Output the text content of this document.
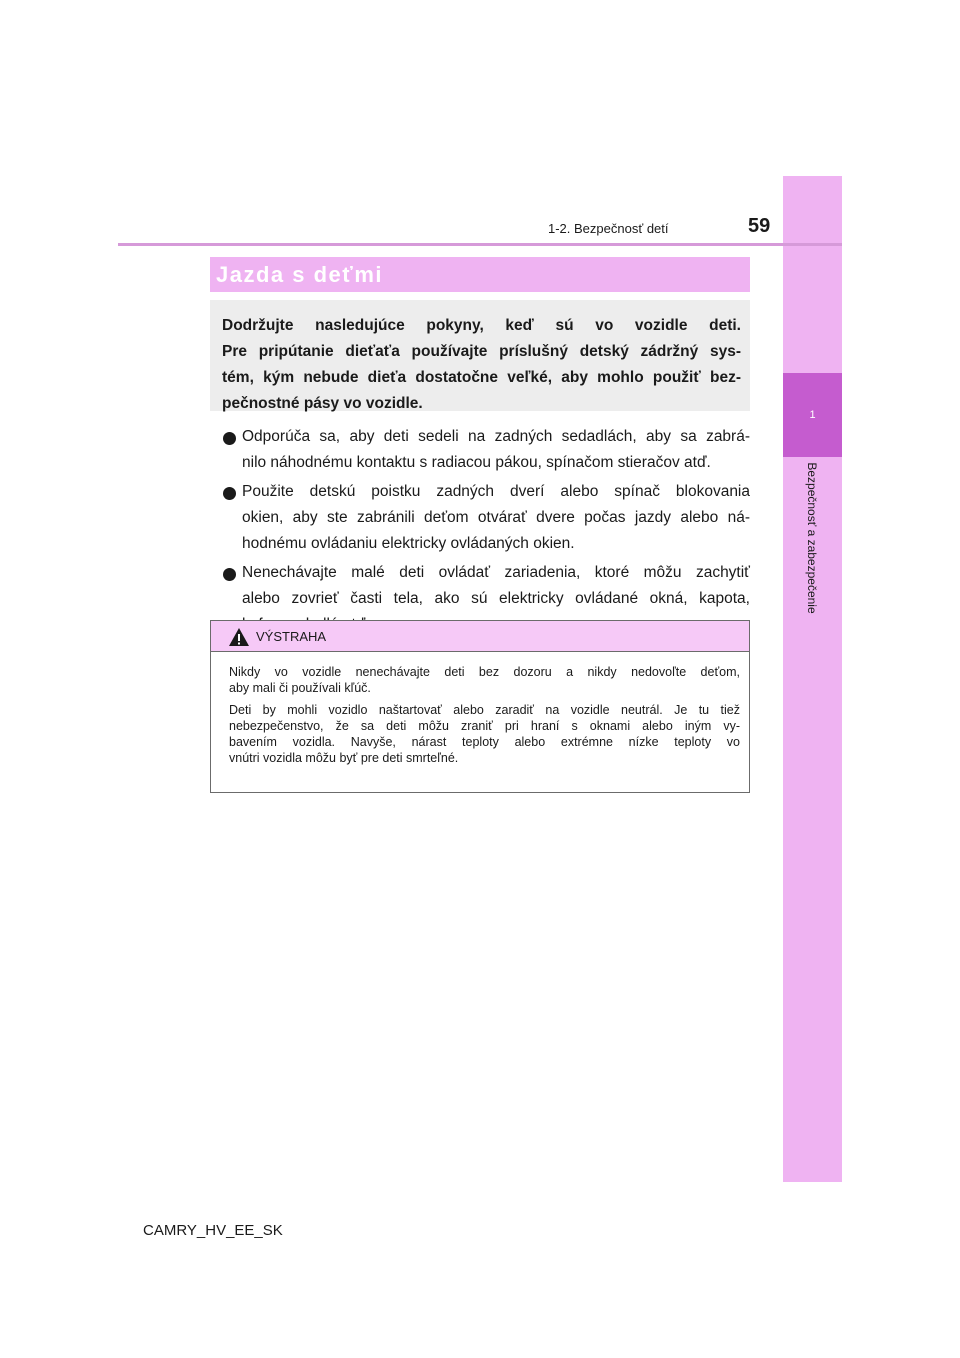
1
Bezpečnosť a zabezpečenie
1-2. Bezpečnosť detí	59
Jazda s deťmi
Dodržujte nasledujúce pokyny, keď sú vo vozidle deti.
Pre pripútanie dieťaťa používajte príslušný detský zádržný sys-
tém, kým nebude dieťa dostatočne veľké, aby mohlo použiť bez-
pečnostné pásy vo vozidle.
Odporúča sa, aby deti sedeli na zadných sedadlách, aby sa zabrá-
nilo náhodnému kontaktu s radiacou pákou, spínačom stieračov atď.
Použite detskú poistku zadných dverí alebo spínač blokovania
okien, aby ste zabránili deťom otvárať dvere počas jazdy alebo ná-
hodnému ovládaniu elektricky ovládaných okien.
Nenechávajte malé deti ovládať zariadenia, ktoré môžu zachytiť
alebo zovrieť časti tela, ako sú elektricky ovládané okná, kapota,
VÝSTRAHA
Nikdy vo vozidle nenechávajte deti bez dozoru a nikdy nedovoľte deťom,
aby mali či používali kľúč.
Deti by mohli vozidlo naštartovať alebo zaradiť na vozidle neutrál. Je tu tiež
nebezpečenstvo, že sa deti môžu zraniť pri hraní s oknami alebo iným vy-
bavením vozidla. Navyše, nárast teploty alebo extrémne nízke teploty vo
vnútri vozidla môžu byť pre deti smrteľné.
CAMRY_HV_EE_SK
